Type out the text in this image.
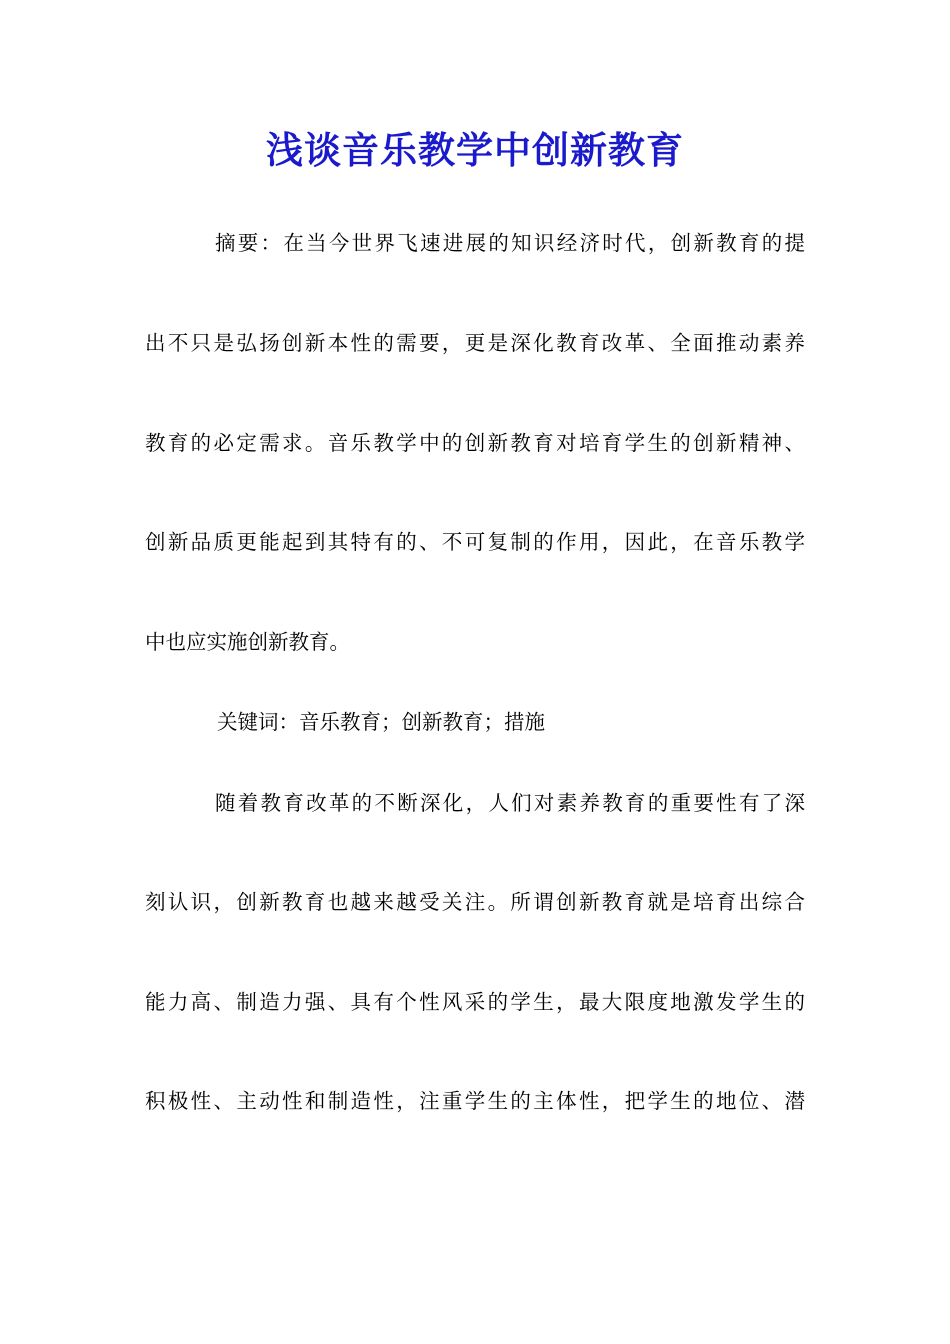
浅谈音乐教学中创新教育
摘要：在当今世界飞速进展的知识经济时代，创新教育的提
出不只是弘扬创新本性的需要，更是深化教育改革、全面推动素养
教育的必定需求。音乐教学中的创新教育对培育学生的创新精神、
创新品质更能起到其特有的、不可复制的作用，因此，在音乐教学
中也应实施创新教育。
关键词：音乐教育；创新教育；措施
随着教育改革的不断深化，人们对素养教育的重要性有了深
刻认识，创新教育也越来越受关注。所谓创新教育就是培育出综合
能力高、制造力强、具有个性风采的学生，最大限度地激发学生的
积极性、主动性和制造性，注重学生的主体性，把学生的地位、潜
